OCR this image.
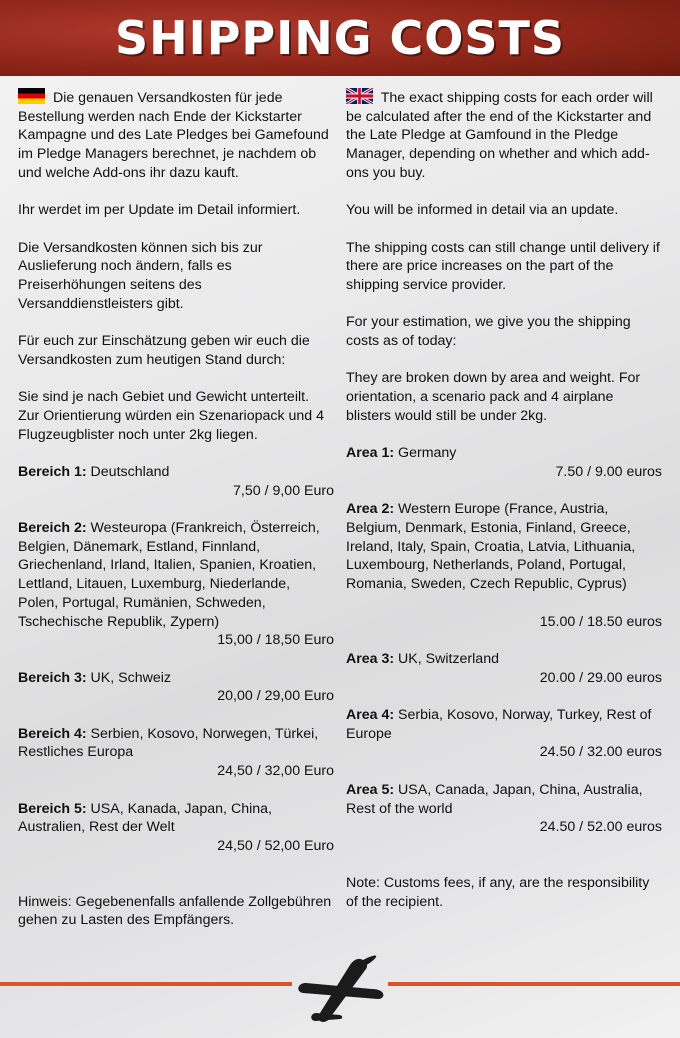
SHIPPING COSTS

Die genauen Versandkosten für jede Bestellung werden nach Ende der Kickstarter Kampagne und des Late Pledges bei Gamefound im Pledge Managers berechnet, je nachdem ob und welche Add-ons ihr dazu kauft.

Ihr werdet im per Update im Detail informiert.

Die Versandkosten können sich bis zur Auslieferung noch ändern, falls es Preiserhöhungen seitens des Versanddienstleisters gibt.

Für euch zur Einschätzung geben wir euch die Versandkosten zum heutigen Stand durch:

Sie sind je nach Gebiet und Gewicht unterteilt. Zur Orientierung würden ein Szenariopack und 4 Flugzeugblister noch unter 2kg liegen.

Bereich 1: Deutschland
7,50 / 9,00 Euro
Bereich 2: Westeuropa (Frankreich, Österreich, Belgien, Dänemark, Estland, Finnland, Griechenland, Irland, Italien, Spanien, Kroatien, Lettland, Litauen, Luxemburg, Niederlande, Polen, Portugal, Rumänien, Schweden, Tschechische Republik, Zypern)
15,00 / 18,50 Euro
Bereich 3: UK, Schweiz
20,00 / 29,00 Euro
Bereich 4: Serbien, Kosovo, Norwegen, Türkei, Restliches Europa
24,50 / 32,00 Euro
Bereich 5: USA, Kanada, Japan, China, Australien, Rest der Welt
24,50 / 52,00 Euro

Hinweis: Gegebenenfalls anfallende Zollgebühren gehen zu Lasten des Empfängers.

The exact shipping costs for each order will be calculated after the end of the Kickstarter and the Late Pledge at Gamfound in the Pledge Manager, depending on whether and which add-ons you buy.

You will be informed in detail via an update.

The shipping costs can still change until delivery if there are price increases on the part of the shipping service provider.

For your estimation, we give you the shipping costs as of today:

They are broken down by area and weight. For orientation, a scenario pack and 4 airplane blisters would still be under 2kg.

Area 1: Germany
7.50 / 9.00 euros
Area 2: Western Europe (France, Austria, Belgium, Denmark, Estonia, Finland, Greece, Ireland, Italy, Spain, Croatia, Latvia, Lithuania, Luxembourg, Netherlands, Poland, Portugal, Romania, Sweden, Czech Republic, Cyprus)
15.00 / 18.50 euros
Area 3: UK, Switzerland
20.00 / 29.00 euros
Area 4: Serbia, Kosovo, Norway, Turkey, Rest of Europe
24.50 / 32.00 euros
Area 5: USA, Canada, Japan, China, Australia, Rest of the world
24.50 / 52.00 euros

Note: Customs fees, if any, are the responsibility of the recipient.
